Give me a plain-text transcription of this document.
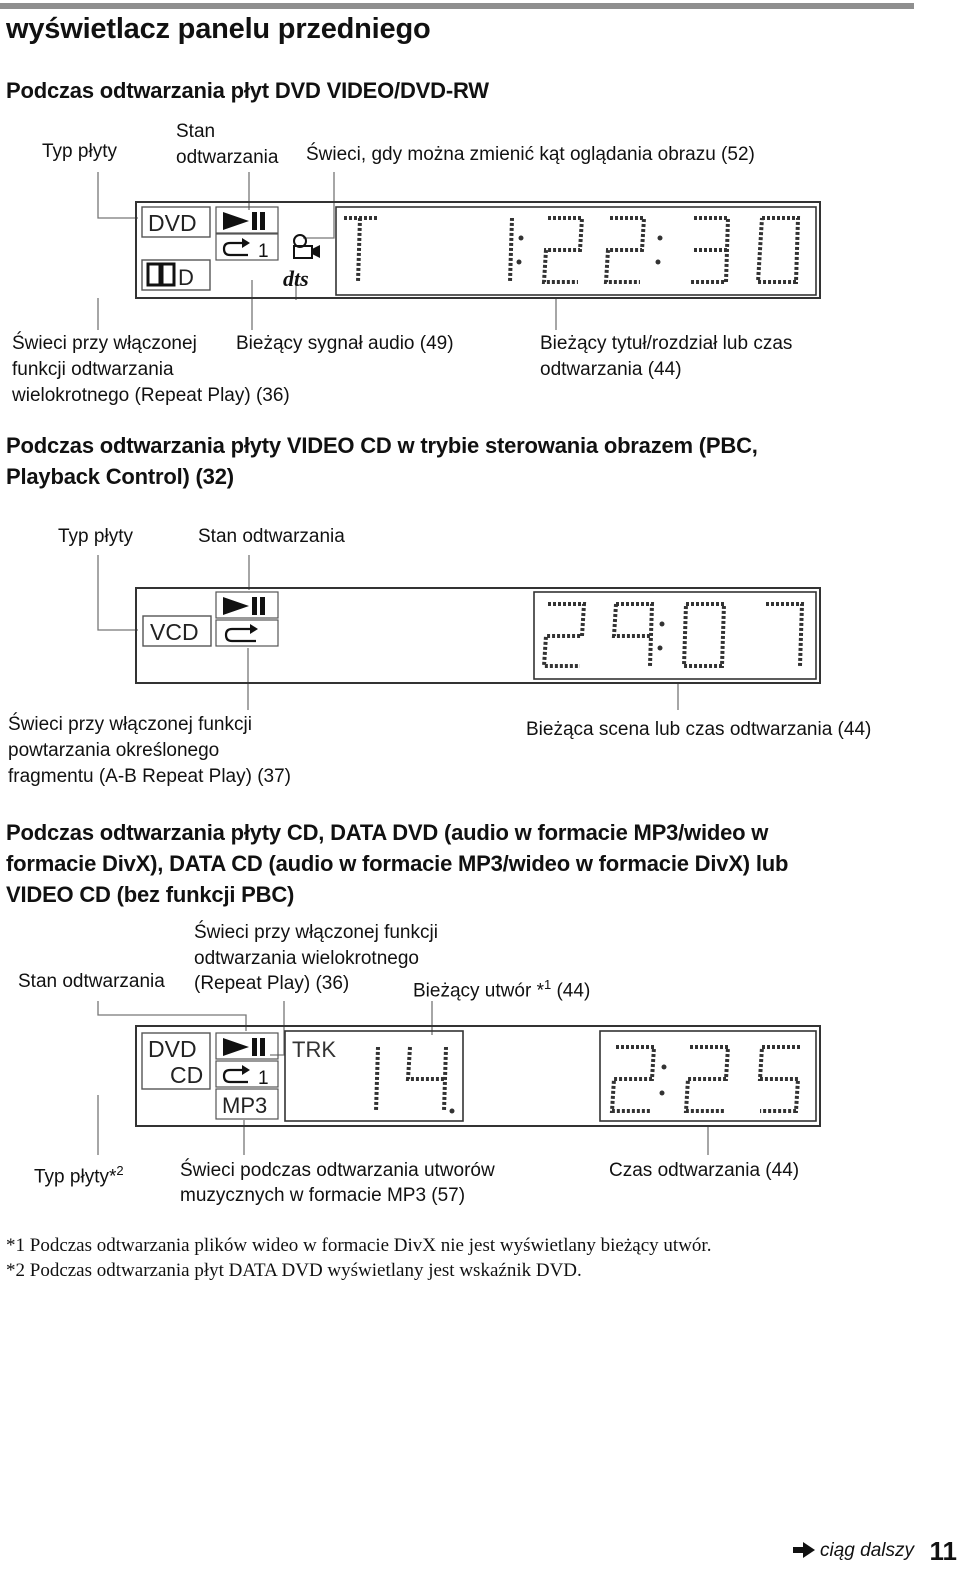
wyświetlacz panelu przedniego
Podczas odtwarzania płyt DVD VIDEO/DVD-RW
Typ płyty
Stan
odtwarzania Świeci, gdy można zmienić kąt oglądania obrazu (52)
DVD
1
D	dts
Świeci przy włączonej
funkcji odtwarzania
wielokrotnego (Repeat Play) (36)
Bieżący sygnał audio (49)	Bieżący tytuł/rozdział lub czas
odtwarzania (44)
Podczas odtwarzania płyty VIDEO CD w trybie sterowania obrazem (PBC,
Playback Control) (32)
Typ płyty	Stan odtwarzania
VCD
Świeci przy włączonej funkcji
powtarzania określonego
fragmentu (A-B Repeat Play) (37)
Bieżąca scena lub czas odtwarzania (44)
Podczas odtwarzania płyty CD, DATA DVD (audio w formacie MP3/wideo w
formacie DivX), DATA CD (audio w formacie MP3/wideo w formacie DivX) lub
VIDEO CD (bez funkcji PBC)
Świeci przy włączonej funkcji
odtwarzania wielokrotnego
(Repeat Play) (36)
Stan odtwarzania	Bieżący utwór *$^1$ (44)
DVD
CD	1
MP3
TRK
Typ płyty*$^2$	Świeci podczas odtwarzania utworów
muzycznych w formacie MP3 (57)
Czas odtwarzania (44)
*1 Podczas odtwarzania plików wideo w formacie DivX nie jest wyświetlany bieżący utwór.
*2 Podczas odtwarzania płyt DATA DVD wyświetlany jest wskaźnik DVD.
ciąg dalszy 11
